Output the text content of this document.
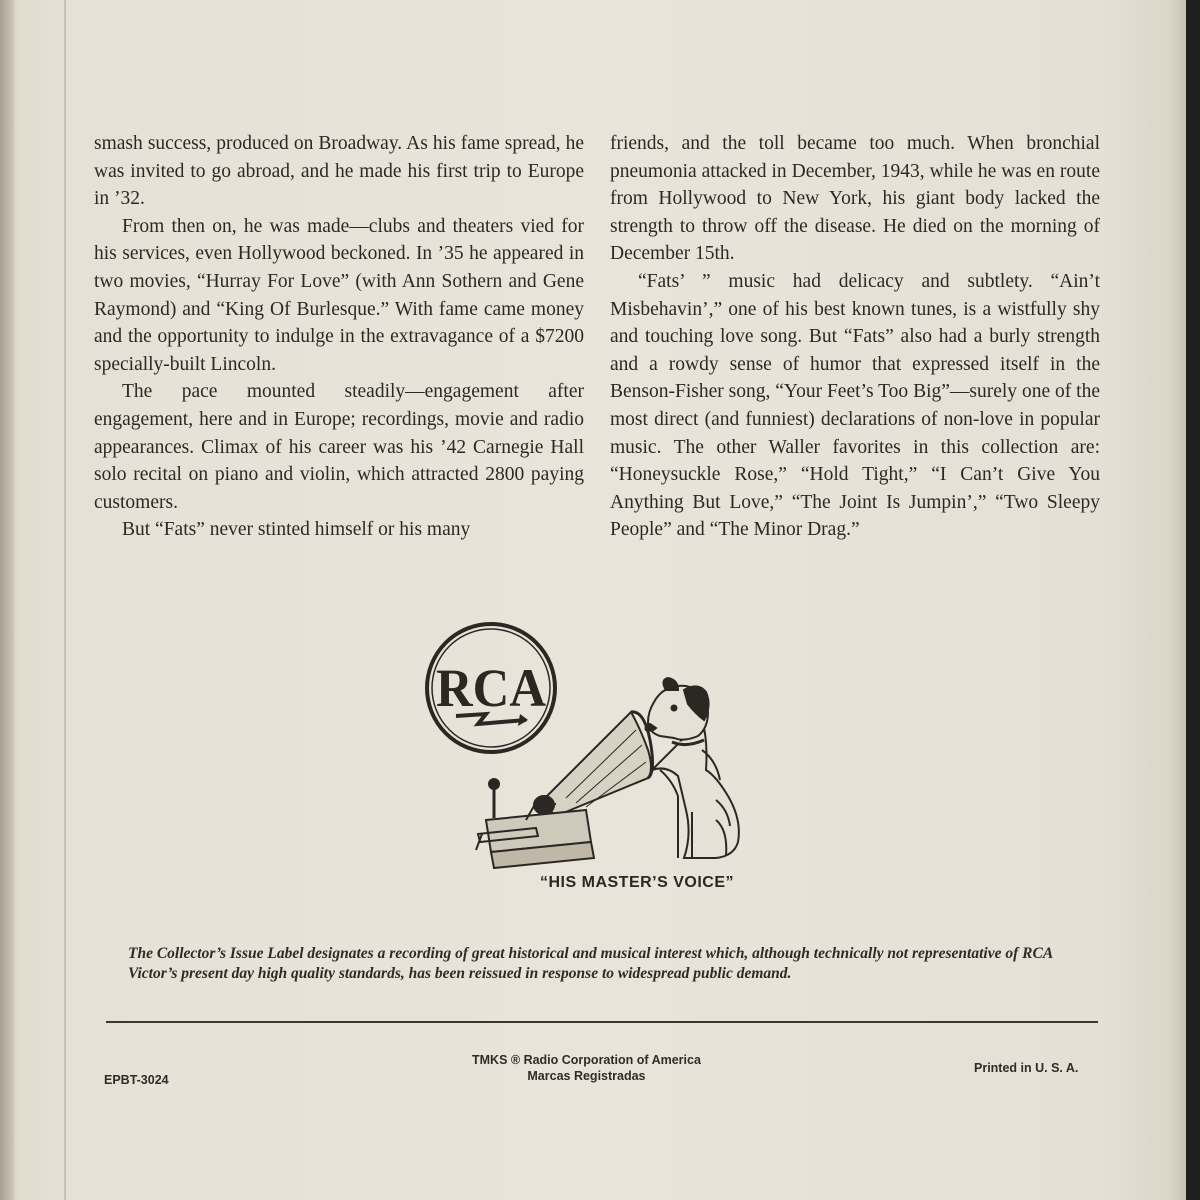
smash success, produced on Broadway. As his fame spread, he was invited to go abroad, and he made his first trip to Europe in ’32.

From then on, he was made—clubs and theaters vied for his services, even Hollywood beckoned. In ’35 he appeared in two movies, “Hurray For Love” (with Ann Sothern and Gene Raymond) and “King Of Burlesque.” With fame came money and the opportunity to indulge in the extravagance of a $7200 specially-built Lincoln.

The pace mounted steadily—engagement after engagement, here and in Europe; recordings, movie and radio appearances. Climax of his career was his ’42 Carnegie Hall solo recital on piano and violin, which attracted 2800 paying customers.

But “Fats” never stinted himself or his many

friends, and the toll became too much. When bronchial pneumonia attacked in December, 1943, while he was en route from Hollywood to New York, his giant body lacked the strength to throw off the disease. He died on the morning of December 15th.

“Fats’ ” music had delicacy and subtlety. “Ain’t Misbehavin’,” one of his best known tunes, is a wistfully shy and touching love song. But “Fats” also had a burly strength and a rowdy sense of humor that expressed itself in the Benson-Fisher song, “Your Feet’s Too Big”—surely one of the most direct (and funniest) declarations of non-love in popular music. The other Waller favorites in this collection are: “Honeysuckle Rose,” “Hold Tight,” “I Can’t Give You Anything But Love,” “The Joint Is Jumpin’,” “Two Sleepy People” and “The Minor Drag.”

RCA
“HIS MASTER’S VOICE”
The Collector’s Issue Label designates a recording of great historical and musical interest which, although technically not representative of RCA Victor’s present day high quality standards, has been reissued in response to widespread public demand.
EPBT-3024
TMKS ® Radio Corporation of America
Marcas Registradas
Printed in U. S. A.
